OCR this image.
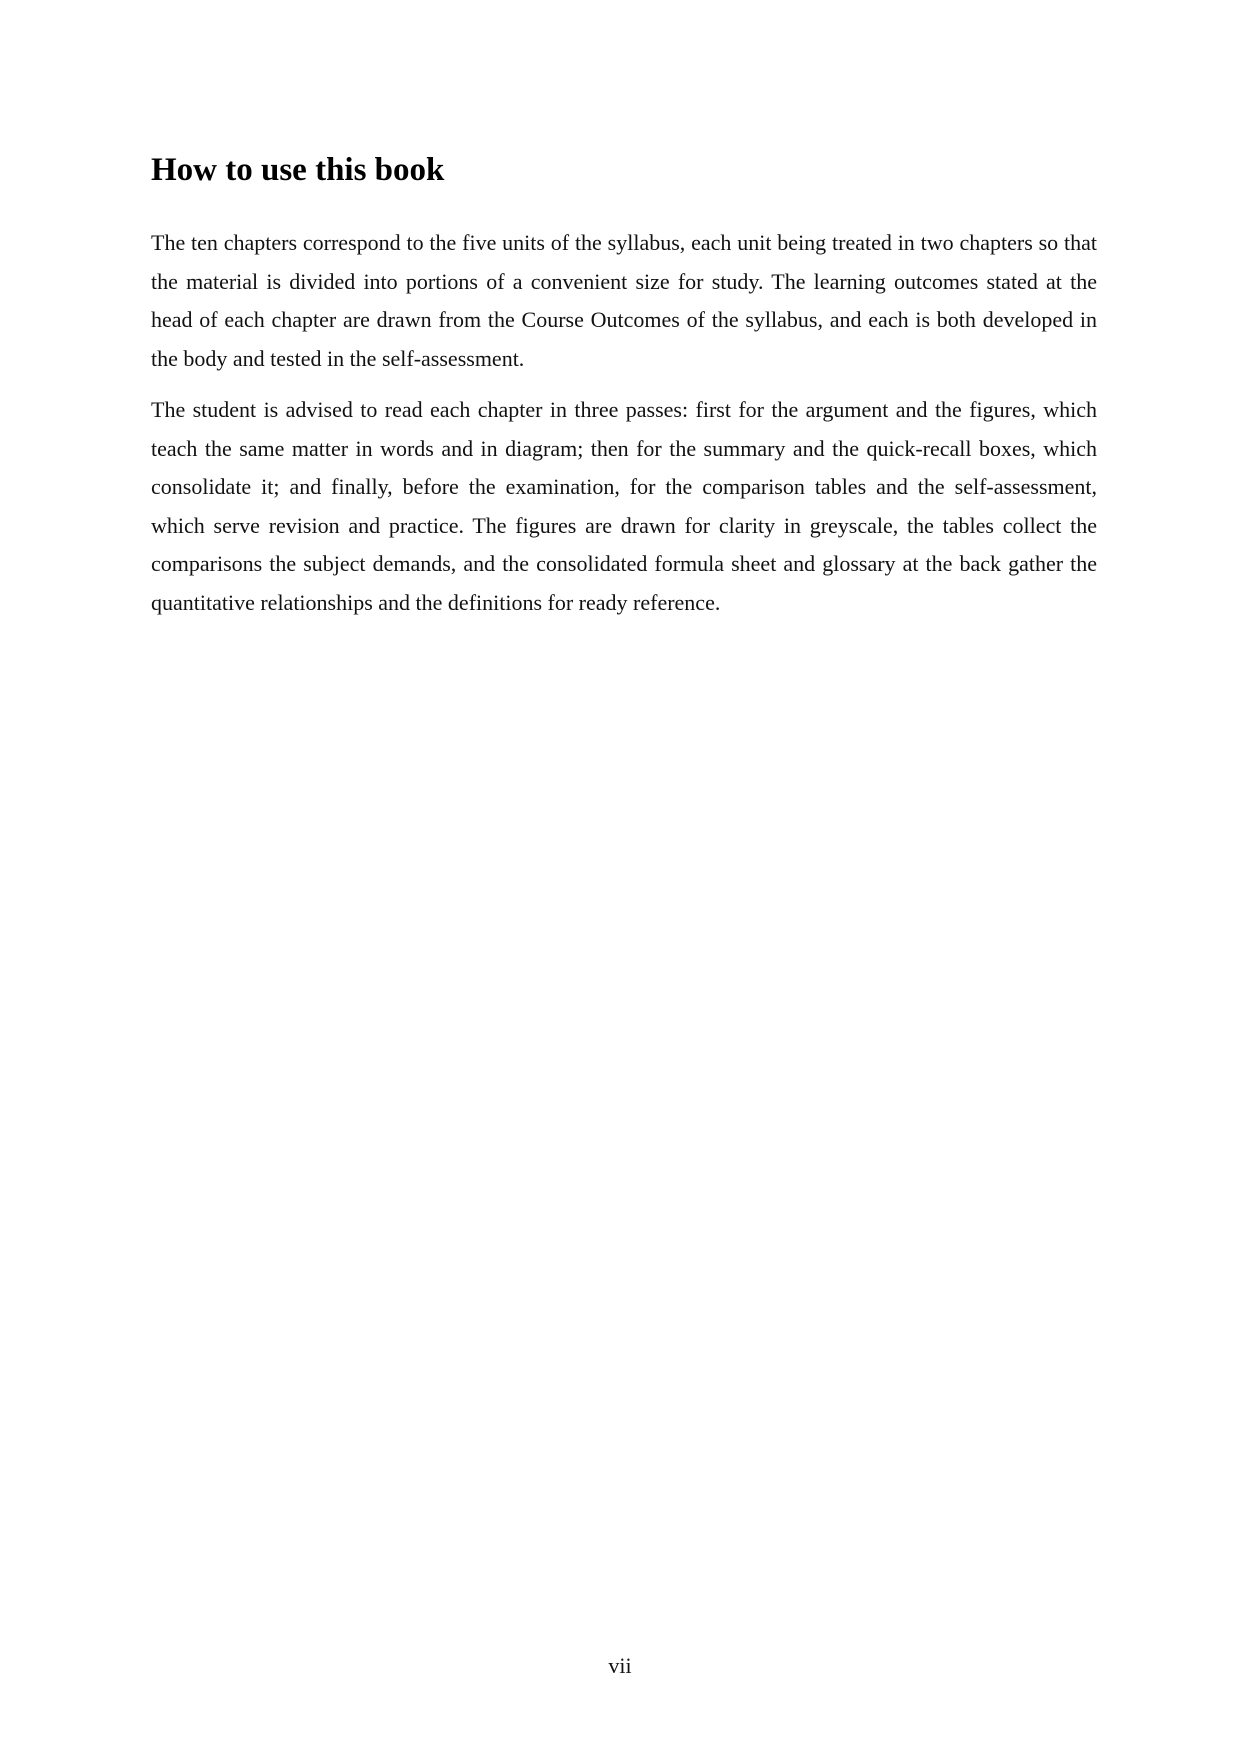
How to use this book

The ten chapters correspond to the five units of the syllabus, each unit being treated in two chapters so that the material is divided into portions of a convenient size for study. The learning outcomes stated at the head of each chapter are drawn from the Course Outcomes of the syllabus, and each is both developed in the body and tested in the self-assessment.

The student is advised to read each chapter in three passes: first for the argument and the figures, which teach the same matter in words and in diagram; then for the summary and the quick-recall boxes, which consolidate it; and finally, before the examination, for the comparison tables and the self-assessment, which serve revision and practice. The figures are drawn for clarity in greyscale, the tables collect the comparisons the subject demands, and the consolidated formula sheet and glossary at the back gather the quantitative relationships and the definitions for ready reference.

vii
